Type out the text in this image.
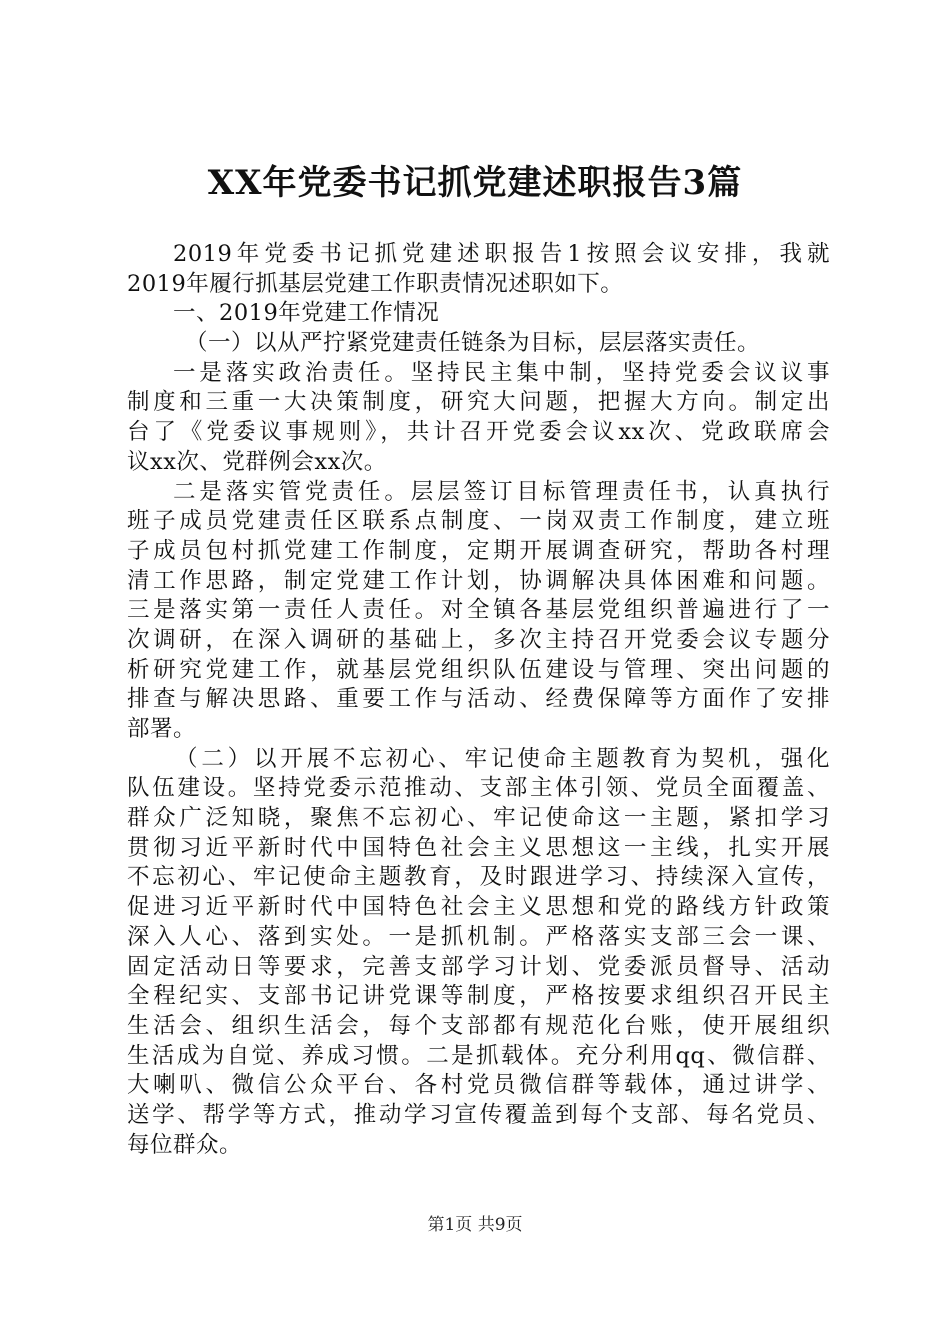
XX年党委书记抓党建述职报告3篇
2019年党委书记抓党建述职报告1按照会议安排，我就
2019年履行抓基层党建工作职责情况述职如下。
一、2019年党建工作情况
（一）以从严拧紧党建责任链条为目标，层层落实责任。
一是落实政治责任。坚持民主集中制，坚持党委会议议事
制度和三重一大决策制度，研究大问题，把握大方向。制定出
台了《党委议事规则》，共计召开党委会议xx次、党政联席会
议xx次、党群例会xx次。
二是落实管党责任。层层签订目标管理责任书，认真执行
班子成员党建责任区联系点制度、一岗双责工作制度，建立班
子成员包村抓党建工作制度，定期开展调查研究，帮助各村理
清工作思路，制定党建工作计划，协调解决具体困难和问题。
三是落实第一责任人责任。对全镇各基层党组织普遍进行了一
次调研，在深入调研的基础上，多次主持召开党委会议专题分
析研究党建工作，就基层党组织队伍建设与管理、突出问题的
排查与解决思路、重要工作与活动、经费保障等方面作了安排
部署。
（二）以开展不忘初心、牢记使命主题教育为契机，强化
队伍建设。坚持党委示范推动、支部主体引领、党员全面覆盖、
群众广泛知晓，聚焦不忘初心、牢记使命这一主题，紧扣学习
贯彻习近平新时代中国特色社会主义思想这一主线，扎实开展
不忘初心、牢记使命主题教育，及时跟进学习、持续深入宣传，
促进习近平新时代中国特色社会主义思想和党的路线方针政策
深入人心、落到实处。一是抓机制。严格落实支部三会一课、
固定活动日等要求，完善支部学习计划、党委派员督导、活动
全程纪实、支部书记讲党课等制度，严格按要求组织召开民主
生活会、组织生活会，每个支部都有规范化台账，使开展组织
生活成为自觉、养成习惯。二是抓载体。充分利用qq、微信群、
大喇叭、微信公众平台、各村党员微信群等载体，通过讲学、
送学、帮学等方式，推动学习宣传覆盖到每个支部、每名党员、
每位群众。
第1页 共9页
